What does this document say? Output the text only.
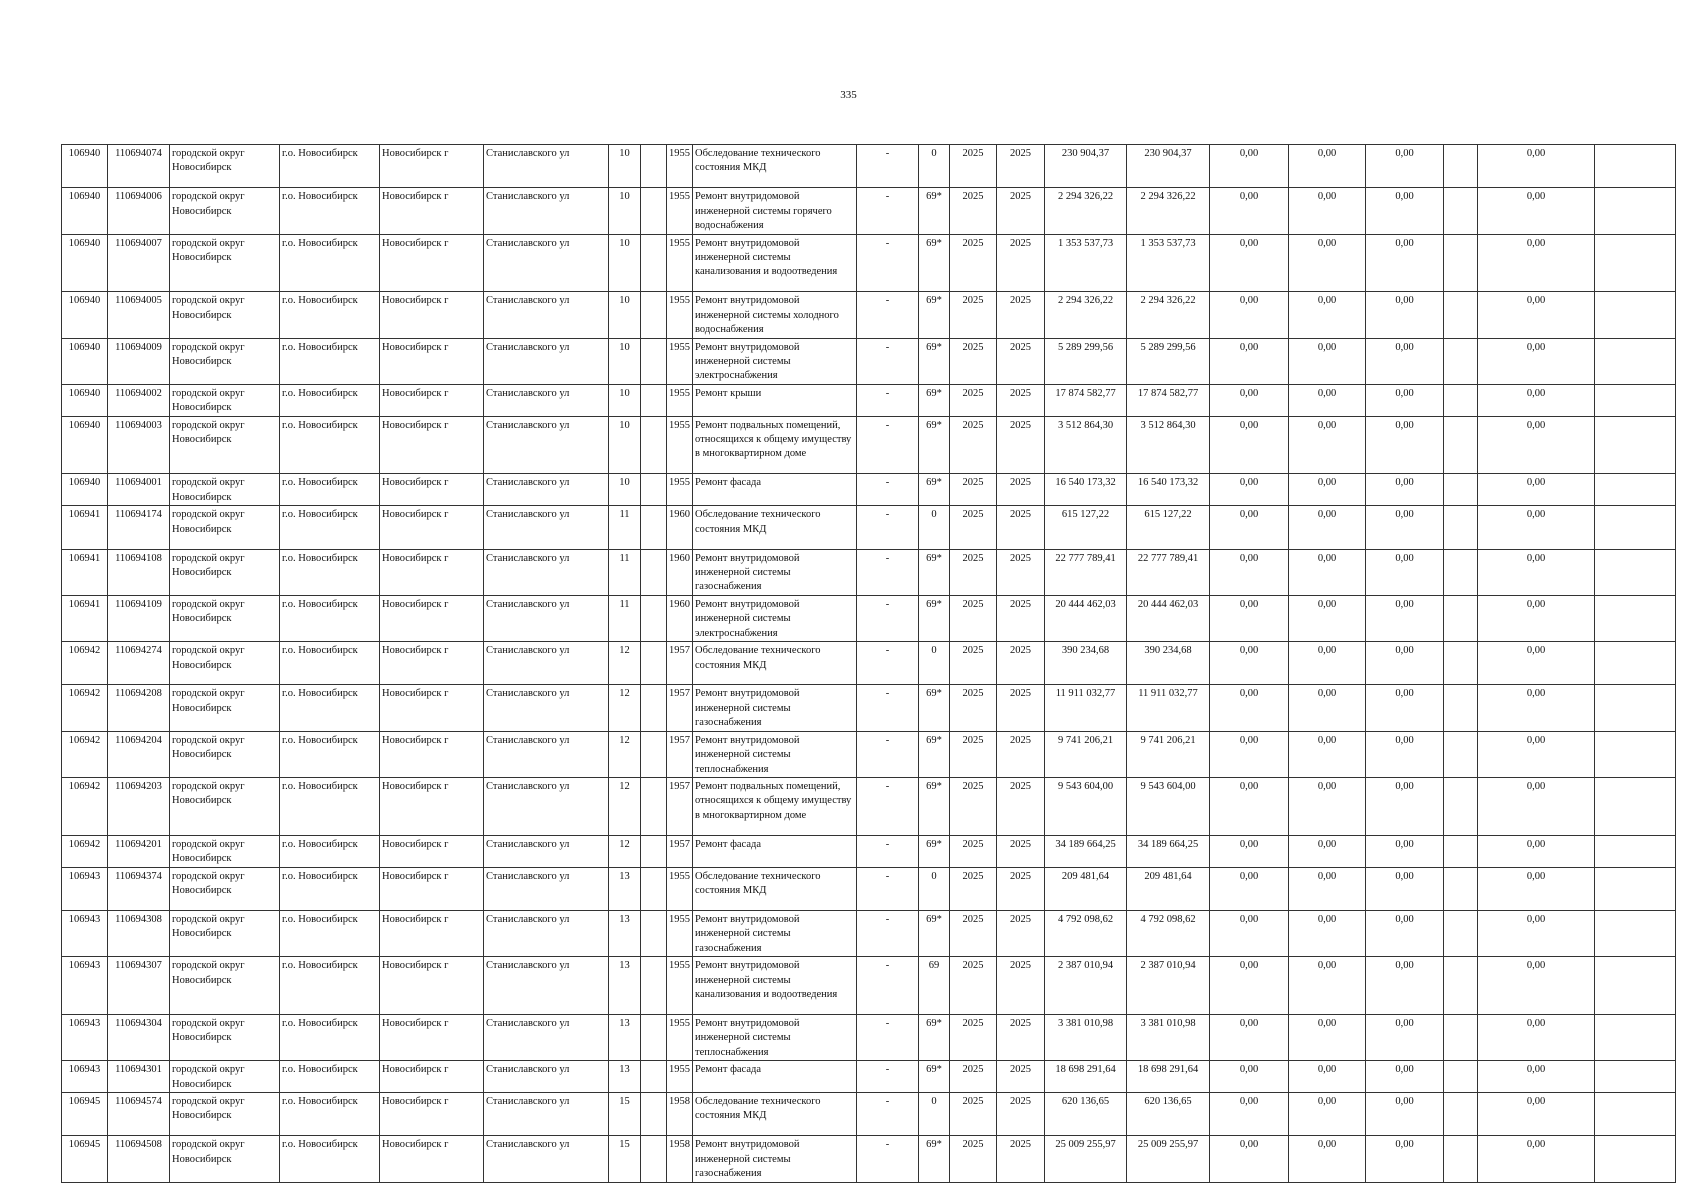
335
106940	110694074	городской округ Новосибирск	г.о. Новосибирск	Новосибирск г	Станиславского ул	10		1955	Обследование технического состояния МКД	-	0	2025	2025	230 904,37	230 904,37	0,00	0,00	0,00		0,00	
106940	110694006	городской округ Новосибирск	г.о. Новосибирск	Новосибирск г	Станиславского ул	10		1955	Ремонт внутридомовой инженерной системы горячего водоснабжения	-	69*	2025	2025	2 294 326,22	2 294 326,22	0,00	0,00	0,00		0,00	
106940	110694007	городской округ Новосибирск	г.о. Новосибирск	Новосибирск г	Станиславского ул	10		1955	Ремонт внутридомовой инженерной системы канализования и водоотведения	-	69*	2025	2025	1 353 537,73	1 353 537,73	0,00	0,00	0,00		0,00	
106940	110694005	городской округ Новосибирск	г.о. Новосибирск	Новосибирск г	Станиславского ул	10		1955	Ремонт внутридомовой инженерной системы холодного водоснабжения	-	69*	2025	2025	2 294 326,22	2 294 326,22	0,00	0,00	0,00		0,00	
106940	110694009	городской округ Новосибирск	г.о. Новосибирск	Новосибирск г	Станиславского ул	10		1955	Ремонт внутридомовой инженерной системы электроснабжения	-	69*	2025	2025	5 289 299,56	5 289 299,56	0,00	0,00	0,00		0,00	
106940	110694002	городской округ Новосибирск	г.о. Новосибирск	Новосибирск г	Станиславского ул	10		1955	Ремонт крыши	-	69*	2025	2025	17 874 582,77	17 874 582,77	0,00	0,00	0,00		0,00	
106940	110694003	городской округ Новосибирск	г.о. Новосибирск	Новосибирск г	Станиславского ул	10		1955	Ремонт подвальных помещений, относящихся к общему имуществу в многоквартирном доме	-	69*	2025	2025	3 512 864,30	3 512 864,30	0,00	0,00	0,00		0,00	
106940	110694001	городской округ Новосибирск	г.о. Новосибирск	Новосибирск г	Станиславского ул	10		1955	Ремонт фасада	-	69*	2025	2025	16 540 173,32	16 540 173,32	0,00	0,00	0,00		0,00	
106941	110694174	городской округ Новосибирск	г.о. Новосибирск	Новосибирск г	Станиславского ул	11		1960	Обследование технического состояния МКД	-	0	2025	2025	615 127,22	615 127,22	0,00	0,00	0,00		0,00	
106941	110694108	городской округ Новосибирск	г.о. Новосибирск	Новосибирск г	Станиславского ул	11		1960	Ремонт внутридомовой инженерной системы газоснабжения	-	69*	2025	2025	22 777 789,41	22 777 789,41	0,00	0,00	0,00		0,00	
106941	110694109	городской округ Новосибирск	г.о. Новосибирск	Новосибирск г	Станиславского ул	11		1960	Ремонт внутридомовой инженерной системы электроснабжения	-	69*	2025	2025	20 444 462,03	20 444 462,03	0,00	0,00	0,00		0,00	
106942	110694274	городской округ Новосибирск	г.о. Новосибирск	Новосибирск г	Станиславского ул	12		1957	Обследование технического состояния МКД	-	0	2025	2025	390 234,68	390 234,68	0,00	0,00	0,00		0,00	
106942	110694208	городской округ Новосибирск	г.о. Новосибирск	Новосибирск г	Станиславского ул	12		1957	Ремонт внутридомовой инженерной системы газоснабжения	-	69*	2025	2025	11 911 032,77	11 911 032,77	0,00	0,00	0,00		0,00	
106942	110694204	городской округ Новосибирск	г.о. Новосибирск	Новосибирск г	Станиславского ул	12		1957	Ремонт внутридомовой инженерной системы теплоснабжения	-	69*	2025	2025	9 741 206,21	9 741 206,21	0,00	0,00	0,00		0,00	
106942	110694203	городской округ Новосибирск	г.о. Новосибирск	Новосибирск г	Станиславского ул	12		1957	Ремонт подвальных помещений, относящихся к общему имуществу в многоквартирном доме	-	69*	2025	2025	9 543 604,00	9 543 604,00	0,00	0,00	0,00		0,00	
106942	110694201	городской округ Новосибирск	г.о. Новосибирск	Новосибирск г	Станиславского ул	12		1957	Ремонт фасада	-	69*	2025	2025	34 189 664,25	34 189 664,25	0,00	0,00	0,00		0,00	
106943	110694374	городской округ Новосибирск	г.о. Новосибирск	Новосибирск г	Станиславского ул	13		1955	Обследование технического состояния МКД	-	0	2025	2025	209 481,64	209 481,64	0,00	0,00	0,00		0,00	
106943	110694308	городской округ Новосибирск	г.о. Новосибирск	Новосибирск г	Станиславского ул	13		1955	Ремонт внутридомовой инженерной системы газоснабжения	-	69*	2025	2025	4 792 098,62	4 792 098,62	0,00	0,00	0,00		0,00	
106943	110694307	городской округ Новосибирск	г.о. Новосибирск	Новосибирск г	Станиславского ул	13		1955	Ремонт внутридомовой инженерной системы канализования и водоотведения	-	69	2025	2025	2 387 010,94	2 387 010,94	0,00	0,00	0,00		0,00	
106943	110694304	городской округ Новосибирск	г.о. Новосибирск	Новосибирск г	Станиславского ул	13		1955	Ремонт внутридомовой инженерной системы теплоснабжения	-	69*	2025	2025	3 381 010,98	3 381 010,98	0,00	0,00	0,00		0,00	
106943	110694301	городской округ Новосибирск	г.о. Новосибирск	Новосибирск г	Станиславского ул	13		1955	Ремонт фасада	-	69*	2025	2025	18 698 291,64	18 698 291,64	0,00	0,00	0,00		0,00	
106945	110694574	городской округ Новосибирск	г.о. Новосибирск	Новосибирск г	Станиславского ул	15		1958	Обследование технического состояния МКД	-	0	2025	2025	620 136,65	620 136,65	0,00	0,00	0,00		0,00	
106945	110694508	городской округ Новосибирск	г.о. Новосибирск	Новосибирск г	Станиславского ул	15		1958	Ремонт внутридомовой инженерной системы газоснабжения	-	69*	2025	2025	25 009 255,97	25 009 255,97	0,00	0,00	0,00		0,00	
